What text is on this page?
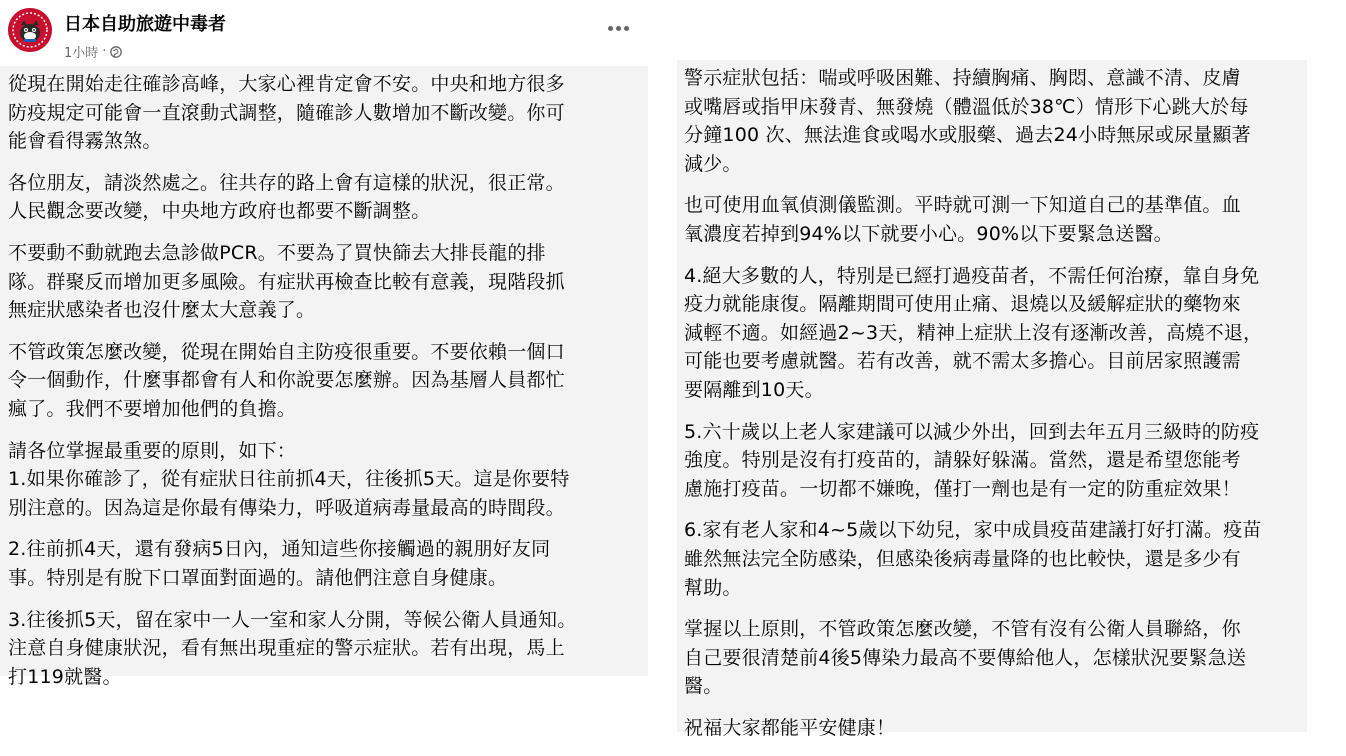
日本自助旅遊中毒者
1小時 ·

從現在開始走往確診高峰，大家心裡肯定會不安。中央和地方很多
防疫規定可能會一直滾動式調整，隨確診人數增加不斷改變。你可
能會看得霧煞煞。

各位朋友，請淡然處之。往共存的路上會有這樣的狀況，很正常。
人民觀念要改變，中央地方政府也都要不斷調整。

不要動不動就跑去急診做PCR。不要為了買快篩去大排長龍的排
隊。群聚反而增加更多風險。有症狀再檢查比較有意義，現階段抓
無症狀感染者也沒什麼太大意義了。

不管政策怎麼改變，從現在開始自主防疫很重要。不要依賴一個口
令一個動作，什麼事都會有人和你說要怎麼辦。因為基層人員都忙
瘋了。我們不要增加他們的負擔。

請各位掌握最重要的原則，如下：

1.如果你確診了，從有症狀日往前抓4天，往後抓5天。這是你要特
別注意的。因為這是你最有傳染力，呼吸道病毒量最高的時間段。

2.往前抓4天，還有發病5日內，通知這些你接觸過的親朋好友同
事。特別是有脫下口罩面對面過的。請他們注意自身健康。

3.往後抓5天，留在家中一人一室和家人分開，等候公衛人員通知。
注意自身健康狀況，看有無出現重症的警示症狀。若有出現，馬上
打119就醫。

警示症狀包括：喘或呼吸困難、持續胸痛、胸悶、意識不清、皮膚
或嘴唇或指甲床發青、無發燒（體溫低於38℃）情形下心跳大於每
分鐘100 次、無法進食或喝水或服藥、過去24小時無尿或尿量顯著
減少。

也可使用血氧偵測儀監測。平時就可測一下知道自己的基準值。血
氧濃度若掉到94%以下就要小心。90%以下要緊急送醫。

4.絕大多數的人，特別是已經打過疫苗者，不需任何治療，靠自身免
疫力就能康復。隔離期間可使用止痛、退燒以及緩解症狀的藥物來
減輕不適。如經過2~3天，精神上症狀上沒有逐漸改善，高燒不退，
可能也要考慮就醫。若有改善，就不需太多擔心。目前居家照護需
要隔離到10天。

5.六十歲以上老人家建議可以減少外出，回到去年五月三級時的防疫
強度。特別是沒有打疫苗的，請躲好躲滿。當然，還是希望您能考
慮施打疫苗。一切都不嫌晚，僅打一劑也是有一定的防重症效果！

6.家有老人家和4~5歲以下幼兒，家中成員疫苗建議打好打滿。疫苗
雖然無法完全防感染，但感染後病毒量降的也比較快，還是多少有
幫助。

掌握以上原則，不管政策怎麼改變，不管有沒有公衛人員聯絡，你
自己要很清楚前4後5傳染力最高不要傳給他人，怎樣狀況要緊急送
醫。

祝福大家都能平安健康！
